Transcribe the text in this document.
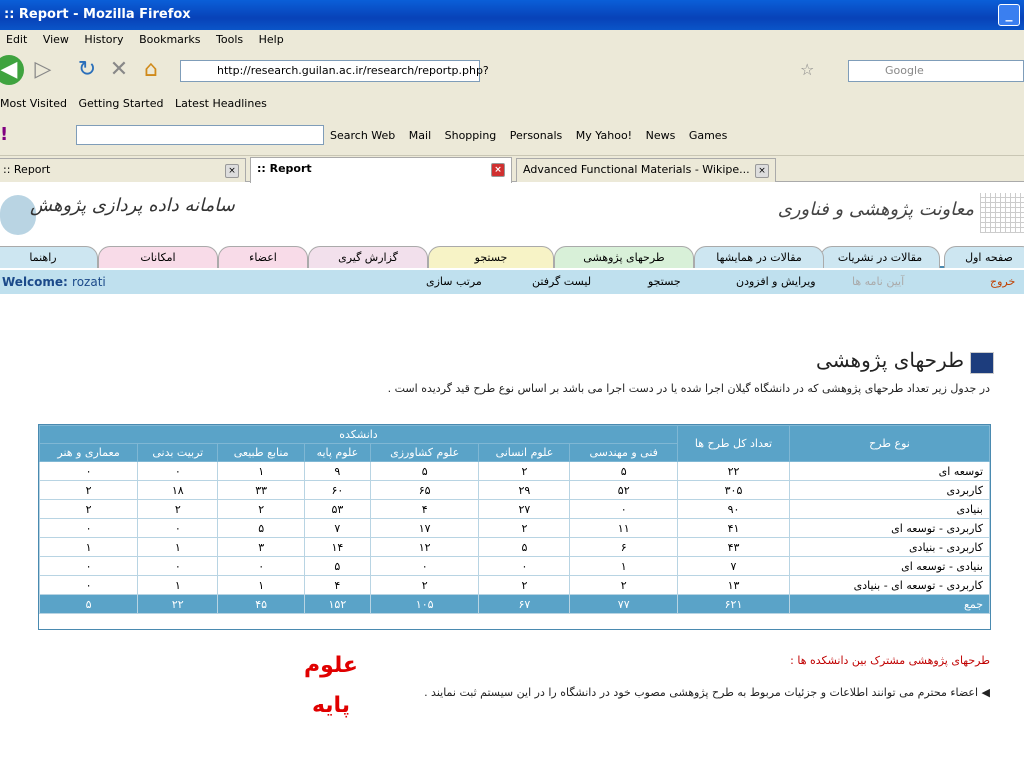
:: Report - Mozilla Firefox	_
Edit View History Bookmarks Tools Help
◀ ▷ ↻ ✕ ⌂	http://research.guilan.ac.ir/research/reportp.php?	☆	Google
Most Visited Getting Started Latest Headlines
!	Search Web Mail Shopping Personals My Yahoo! News Games
:: Report	×	:: Report	×	Advanced Functional Materials - Wikipe... ×
سامانه داده پردازی پژوهش	معاونت پژوهشی و فناوری
صفحه اول
مقالات در نشریات
مقالات در همایشها
طرحهای پژوهشی
جستجو
گزارش گیری
اعضاء
امکانات
راهنما
Welcome: rozati	خروج
آیین نامه ها
ویرایش و افزودن
جستجو
لیست گرفتن
مرتب سازی
طرحهای پژوهشی
در جدول زیر تعداد طرحهای پژوهشی که در دانشگاه گیلان اجرا شده یا در دست اجرا می باشد بر اساس نوع طرح قید گردیده است .
نوع طرح	تعداد کل طرح ها	دانشکده						
		فنی و مهندسی	علوم انسانی	علوم کشاورزی	علوم پایه	منابع طبیعی	تربیت بدنی	معماری و هنر
توسعه ای	۲۲	۵	۲	۵	۹	۱	۰	۰
کاربردی	۳۰۵	۵۲	۲۹	۶۵	۶۰	۳۳	۱۸	۲
بنیادی	۹۰	۰	۲۷	۴	۵۳	۲	۲	۲
کاربردی - توسعه ای	۴۱	۱۱	۲	۱۷	۷	۵	۰	۰
کاربردی - بنیادی	۴۳	۶	۵	۱۲	۱۴	۳	۱	۱
بنیادی - توسعه ای	۷	۱	۰	۰	۵	۰	۰	۰
کاربردی - توسعه ای - بنیادی	۱۳	۲	۲	۲	۴	۱	۱	۰
جمع	۶۲۱	۷۷	۶۷	۱۰۵	۱۵۲	۴۵	۲۲	۵
طرحهای پژوهشی مشترک بین دانشکده ها :
◀ اعضاء محترم می توانند اطلاعات و جزئیات مربوط به طرح پژوهشی مصوب خود در دانشگاه را در این سیستم ثبت نمایند .
علوم پایه
